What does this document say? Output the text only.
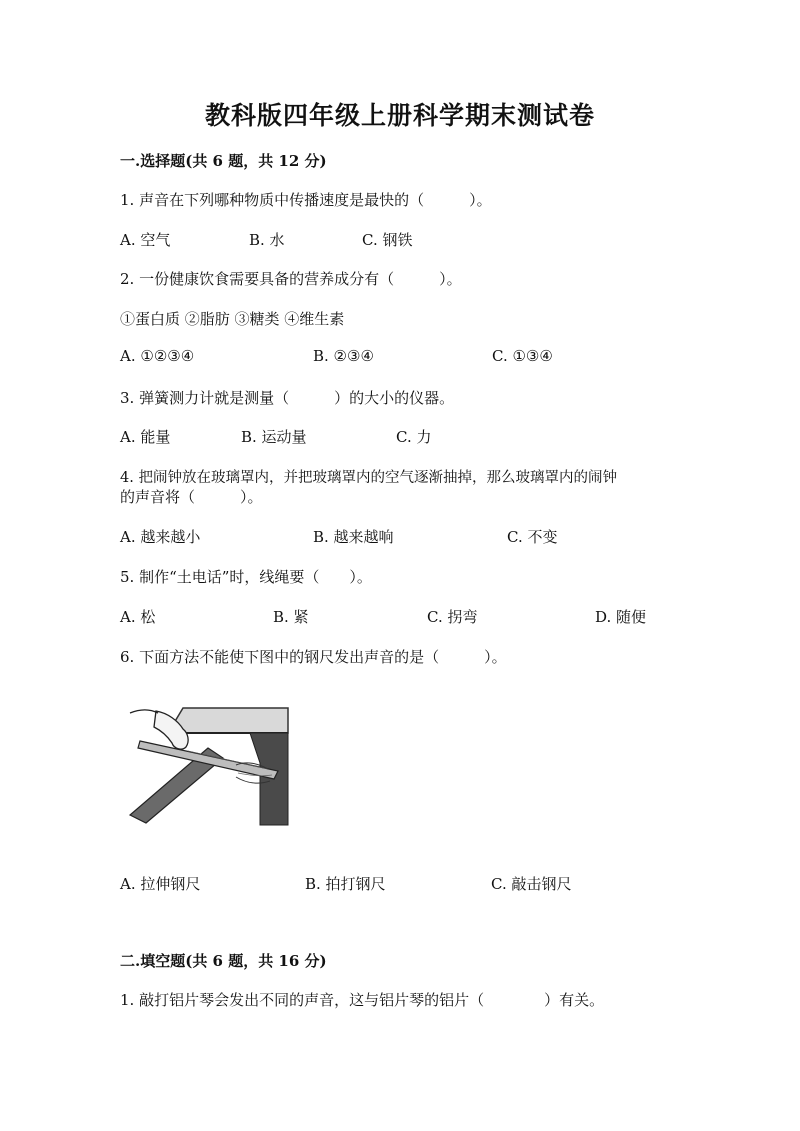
教科版四年级上册科学期末测试卷
一.选择题(共 6 题，共 12 分)
1. 声音在下列哪种物质中传播速度是最快的（　　　）。
A. 空气	B. 水	C. 钢铁
2. 一份健康饮食需要具备的营养成分有（　　　）。
①蛋白质 ②脂肪 ③糖类 ④维生素
A. ①②③④	B. ②③④	C. ①③④
3. 弹簧测力计就是测量（　　　）的大小的仪器。
A. 能量	B. 运动量	C. 力
4. 把闹钟放在玻璃罩内，并把玻璃罩内的空气逐渐抽掉，那么玻璃罩内的闹钟
的声音将（　　　）。
A. 越来越小	B. 越来越响	C. 不变
5. 制作“土电话”时，线绳要（　　）。
A. 松	B. 紧	C. 拐弯	D. 随便
6. 下面方法不能使下图中的钢尺发出声音的是（　　　）。
A. 拉伸钢尺	B. 拍打钢尺	C. 敲击钢尺
二.填空题(共 6 题，共 16 分)
1. 敲打铝片琴会发出不同的声音，这与铝片琴的铝片（　　　　）有关。
